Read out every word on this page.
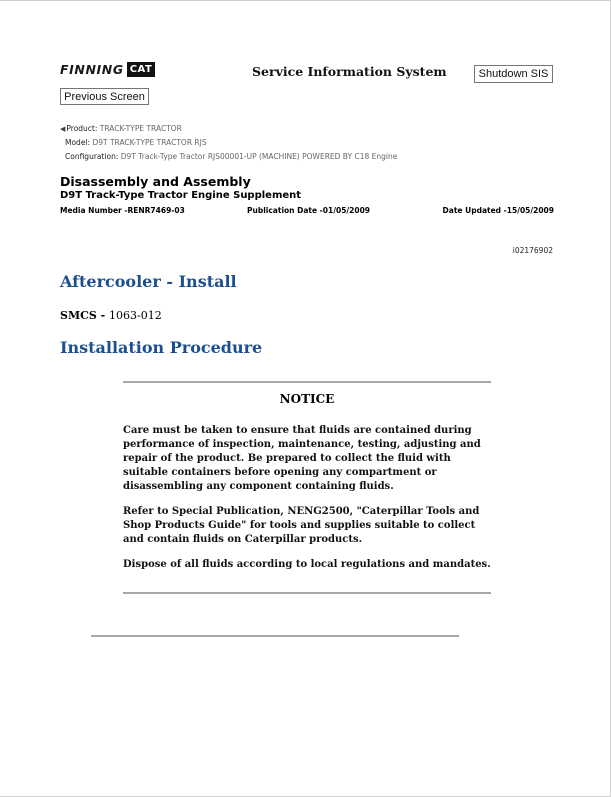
FINNING CAT	Service Information System	Shutdown SIS
Previous Screen
◀Product: TRACK-TYPE TRACTOR
Model: D9T TRACK-TYPE TRACTOR RJS
Configuration: D9T Track-Type Tractor RJS00001-UP (MACHINE) POWERED BY C18 Engine
Disassembly and Assembly
D9T Track-Type Tractor Engine Supplement
Media Number -RENR7469-03	Publication Date -01/05/2009	Date Updated -15/05/2009
i02176902
Aftercooler - Install
SMCS - 1063-012
Installation Procedure
NOTICE

Care must be taken to ensure that fluids are contained during performance of inspection, maintenance, testing, adjusting and repair of the product. Be prepared to collect the fluid with suitable containers before opening any compartment or disassembling any component containing fluids.

Refer to Special Publication, NENG2500, "Caterpillar Tools and Shop Products Guide" for tools and supplies suitable to collect and contain fluids on Caterpillar products.

Dispose of all fluids according to local regulations and mandates.
